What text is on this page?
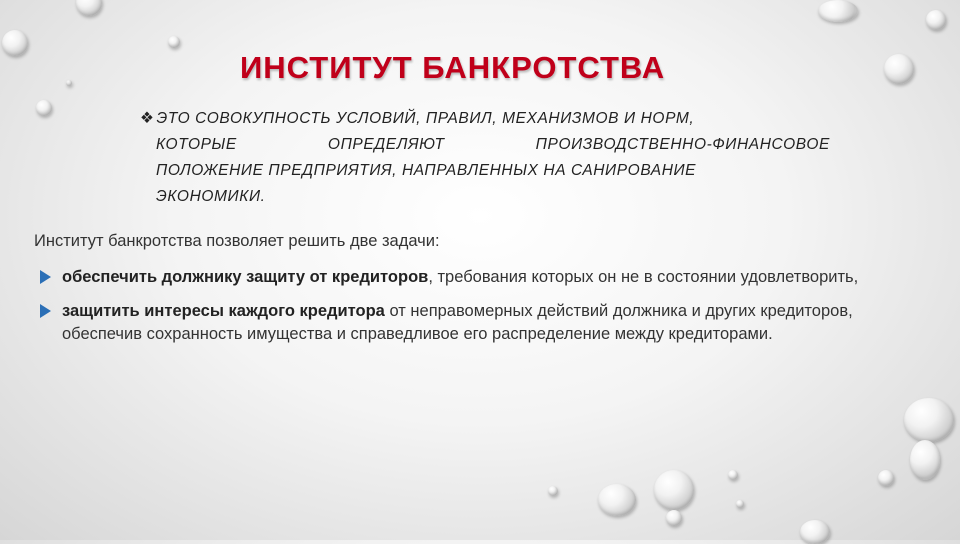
ИНСТИТУТ БАНКРОТСТВА
❖ ЭТО СОВОКУПНОСТЬ УСЛОВИЙ, ПРАВИЛ, МЕХАНИЗМОВ И НОРМ,
КОТОРЫЕ	ОПРЕДЕЛЯЮТ	ПРОИЗВОДСТВЕННО-ФИНАНСОВОЕ
ПОЛОЖЕНИЕ ПРЕДПРИЯТИЯ, НАПРАВЛЕННЫХ НА САНИРОВАНИЕ
ЭКОНОМИКИ.
Институт банкротства позволяет решить две задачи:
обеспечить должнику защиту от кредиторов, требования которых он не в состоянии удовлетворить,
защитить интересы каждого кредитора от неправомерных действий должника и других кредиторов, обеспечив сохранность имущества и справедливое его распределение между кредиторами.
